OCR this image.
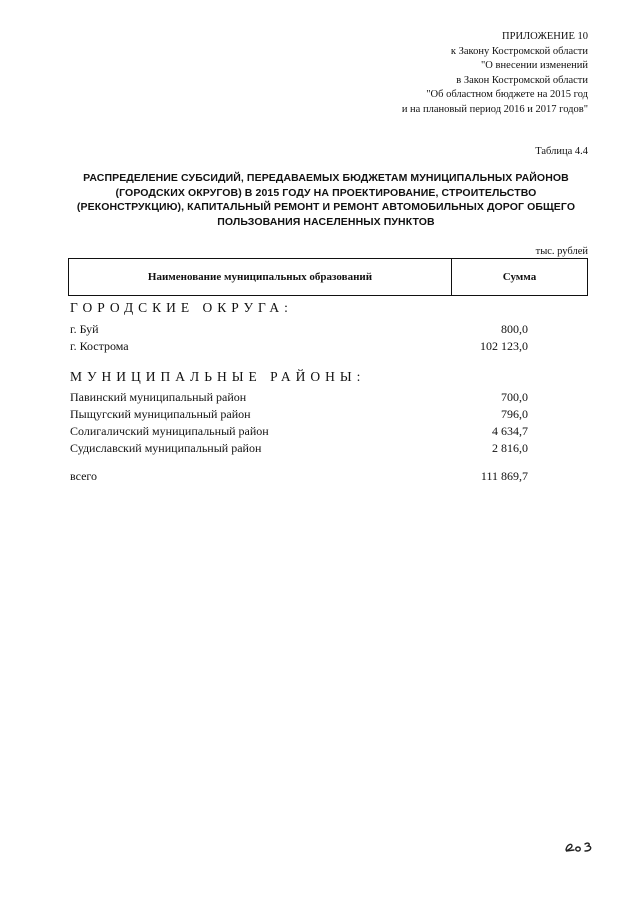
ПРИЛОЖЕНИЕ 10
к Закону Костромской области
"О внесении изменений
в Закон Костромской области
"Об областном бюджете на 2015 год
и на плановый период 2016 и 2017 годов"
Таблица 4.4
РАСПРЕДЕЛЕНИЕ СУБСИДИЙ, ПЕРЕДАВАЕМЫХ БЮДЖЕТАМ МУНИЦИПАЛЬНЫХ РАЙОНОВ
(ГОРОДСКИХ ОКРУГОВ) В 2015 ГОДУ НА ПРОЕКТИРОВАНИЕ, СТРОИТЕЛЬСТВО
(РЕКОНСТРУКЦИЮ), КАПИТАЛЬНЫЙ РЕМОНТ И РЕМОНТ АВТОМОБИЛЬНЫХ ДОРОГ ОБЩЕГО
ПОЛЬЗОВАНИЯ НАСЕЛЕННЫХ ПУНКТОВ
тыс. рублей
Наименование муниципальных образований	Сумма
ГОРОДСКИЕ ОКРУГА:
г. Буй	800,0
г. Кострома	102 123,0
МУНИЦИПАЛЬНЫЕ РАЙОНЫ:
Павинский муниципальный район	700,0
Пыщугский муниципальный район	796,0
Солигаличский муниципальный район	4 634,7
Судиславский муниципальный район	2 816,0
всего	111 869,7
